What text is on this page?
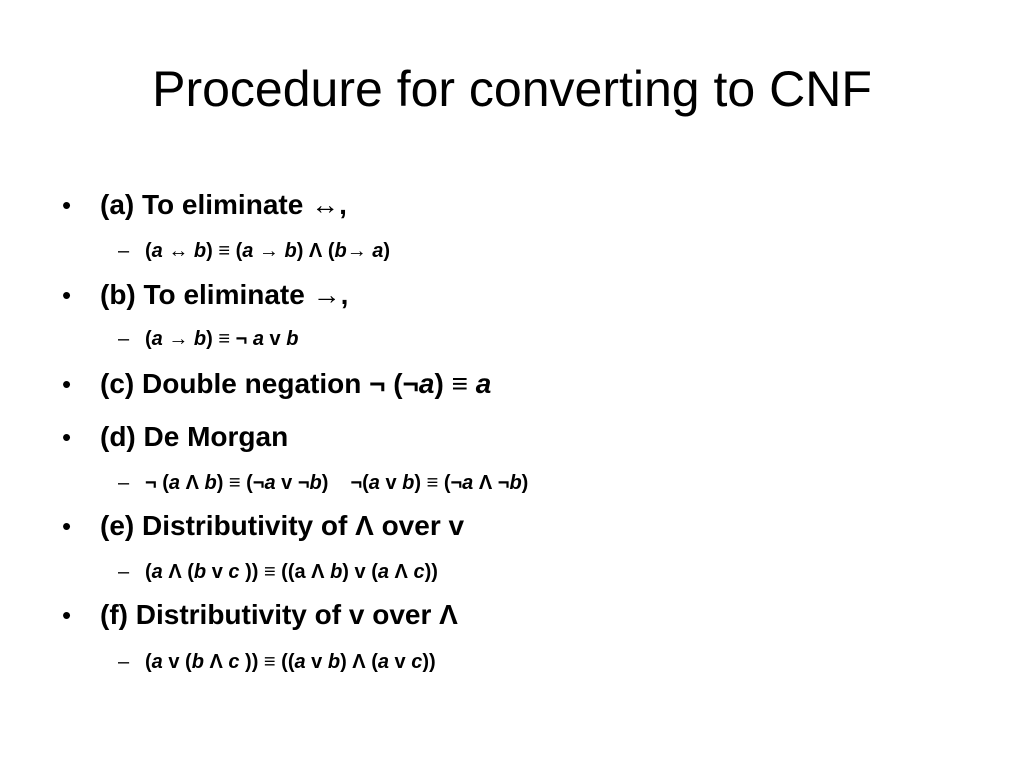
Procedure for converting to CNF
• (a) To eliminate ↔,
– (a ↔ b) ≡ (a → b) Λ (b→ a)
• (b) To eliminate →,
– (a → b) ≡ ¬ a v b
• (c) Double negation ¬ (¬a) ≡ a
• (d) De Morgan
– ¬ (a Λ b) ≡ (¬a v ¬b) ¬(a v b) ≡ (¬a Λ ¬b)
• (e) Distributivity of Λ over v
– (a Λ (b v c )) ≡ ((a Λ b) v (a Λ c))
• (f) Distributivity of v over Λ
– (a v (b Λ c )) ≡ ((a v b) Λ (a v c))
